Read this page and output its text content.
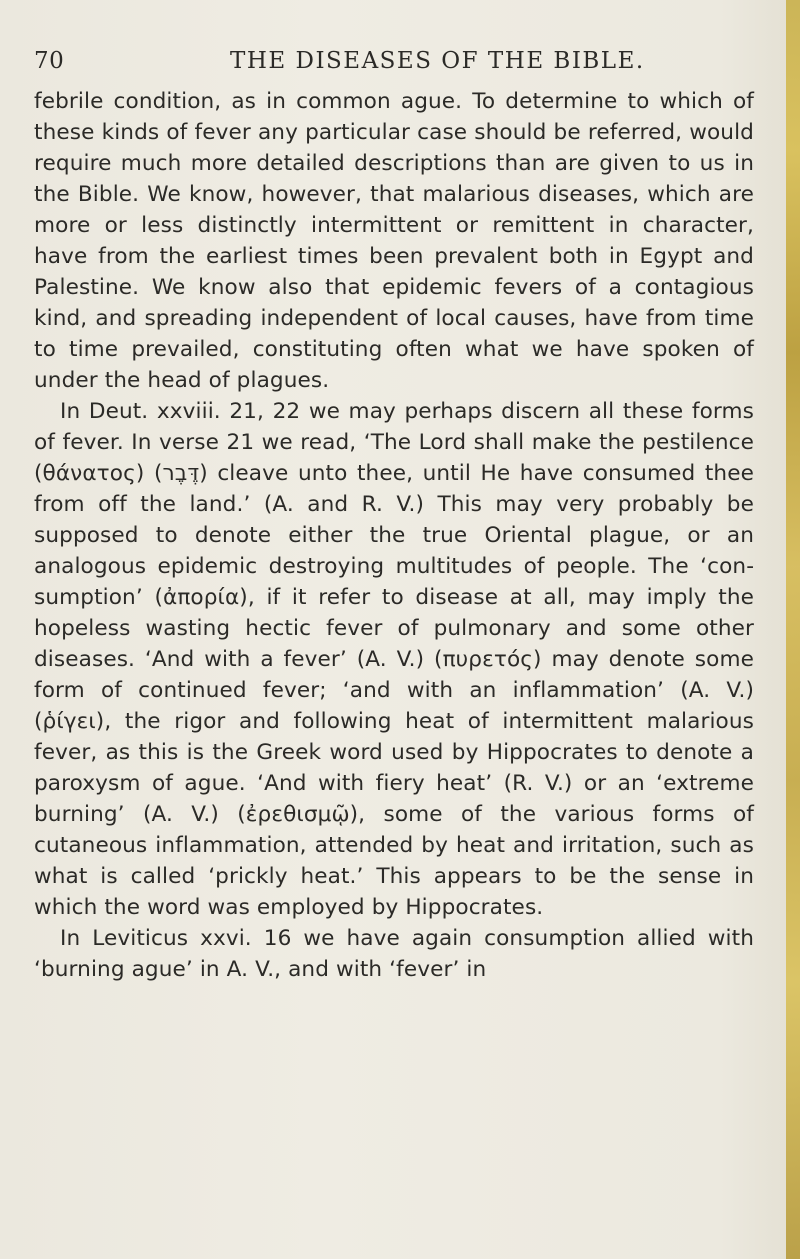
70	THE DISEASES OF THE BIBLE.

febrile condition, as in common ague. To determine to which of these kinds of fever any particular case should be referred, would require much more detailed descriptions than are given to us in the Bible. We know, however, that malarious diseases, which are more or less distinctly intermittent or remittent in character, have from the earliest times been prevalent both in Egypt and Palestine. We know also that epidemic fevers of a contagious kind, and spreading independent of local causes, have from time to time prevailed, constituting often what we have spoken of under the head of plagues.

In Deut. xxviii. 21, 22 we may perhaps discern all these forms of fever. In verse 21 we read, ‘The Lord shall make the pestilence (θάνατος) (דֶּבֶר) cleave unto thee, until He have consumed thee from off the land.’ (A. and R. V.) This may very probably be supposed to denote either the true Oriental plague, or an analogous epidemic destroying multitudes of people. The ‘consumption’ (ἀπορία), if it refer to disease at all, may imply the hopeless wasting hectic fever of pulmonary and some other diseases. ‘And with a fever’ (A. V.) (πυρετός) may denote some form of continued fever; ‘and with an inflammation’ (A. V.) (ῥίγει), the rigor and following heat of intermittent malarious fever, as this is the Greek word used by Hippocrates to denote a paroxysm of ague. ‘And with fiery heat’ (R. V.) or an ‘extreme burning’ (A. V.) (ἐρεθισμῷ), some of the various forms of cutaneous inflammation, attended by heat and irritation, such as what is called ‘prickly heat.’ This appears to be the sense in which the word was employed by Hippocrates.

In Leviticus xxvi. 16 we have again consumption allied with ‘burning ague’ in A. V., and with ‘fever’ in
